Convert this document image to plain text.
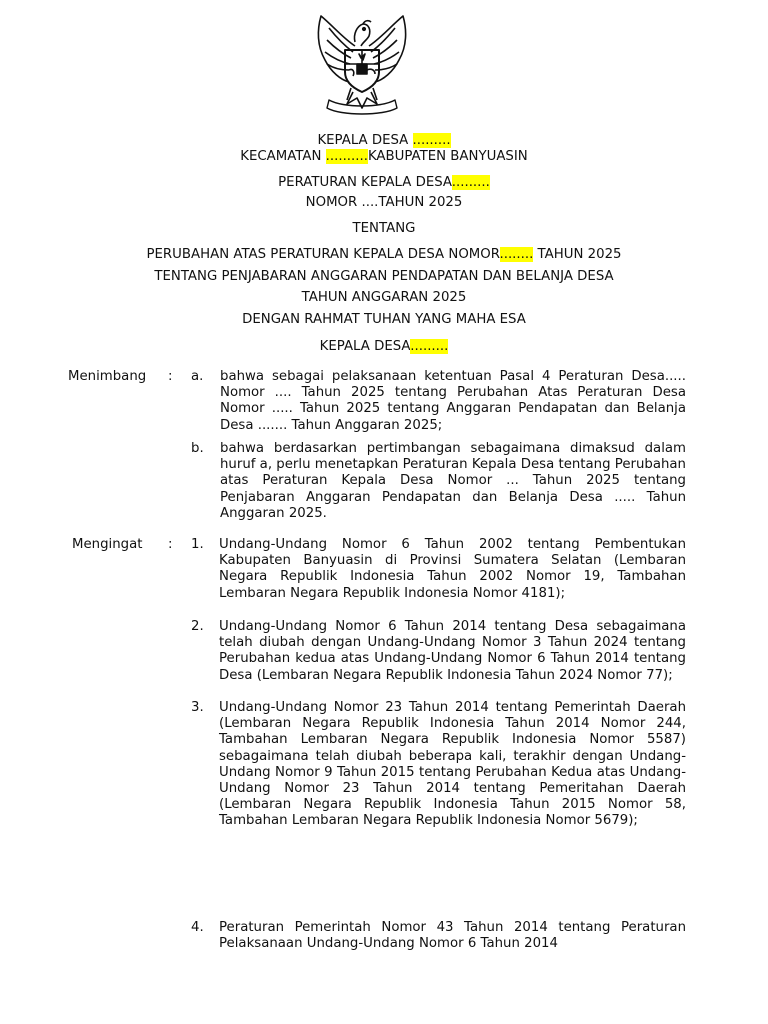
KEPALA DESA .........
KECAMATAN ..........KABUPATEN BANYUASIN
PERATURAN KEPALA DESA.........
NOMOR ....TAHUN 2025
TENTANG
PERUBAHAN ATAS PERATURAN KEPALA DESA NOMOR........ TAHUN 2025
TENTANG PENJABARAN ANGGARAN PENDAPATAN DAN BELANJA DESA
TAHUN ANGGARAN 2025
DENGAN RAHMAT TUHAN YANG MAHA ESA
KEPALA DESA.........
Menimbang : a. bahwa sebagai pelaksanaan ketentuan Pasal 4 Peraturan Desa..... Nomor .... Tahun 2025 tentang Perubahan Atas Peraturan Desa Nomor ..... Tahun 2025 tentang Anggaran Pendapatan dan Belanja Desa ....... Tahun Anggaran 2025;
b. bahwa berdasarkan pertimbangan sebagaimana dimaksud dalam huruf a, perlu menetapkan Peraturan Kepala Desa tentang Perubahan atas Peraturan Kepala Desa Nomor ... Tahun 2025 tentang Penjabaran Anggaran Pendapatan dan Belanja Desa ..... Tahun Anggaran 2025.
Mengingat : 1. Undang-Undang Nomor 6 Tahun 2002 tentang Pembentukan Kabupaten Banyuasin di Provinsi Sumatera Selatan (Lembaran Negara Republik Indonesia Tahun 2002 Nomor 19, Tambahan Lembaran Negara Republik Indonesia Nomor 4181);
2. Undang-Undang Nomor 6 Tahun 2014 tentang Desa sebagaimana telah diubah dengan Undang-Undang Nomor 3 Tahun 2024 tentang Perubahan kedua atas Undang-Undang Nomor 6 Tahun 2014 tentang Desa (Lembaran Negara Republik Indonesia Tahun 2024 Nomor 77);
3. Undang-Undang Nomor 23 Tahun 2014 tentang Pemerintah Daerah (Lembaran Negara Republik Indonesia Tahun 2014 Nomor 244, Tambahan Lembaran Negara Republik Indonesia Nomor 5587) sebagaimana telah diubah beberapa kali, terakhir dengan Undang-Undang Nomor 9 Tahun 2015 tentang Perubahan Kedua atas Undang-Undang Nomor 23 Tahun 2014 tentang Pemeritahan Daerah (Lembaran Negara Republik Indonesia Tahun 2015 Nomor 58, Tambahan Lembaran Negara Republik Indonesia Nomor 5679);
4. Peraturan Pemerintah Nomor 43 Tahun 2014 tentang Peraturan Pelaksanaan Undang-Undang Nomor 6 Tahun 2014
